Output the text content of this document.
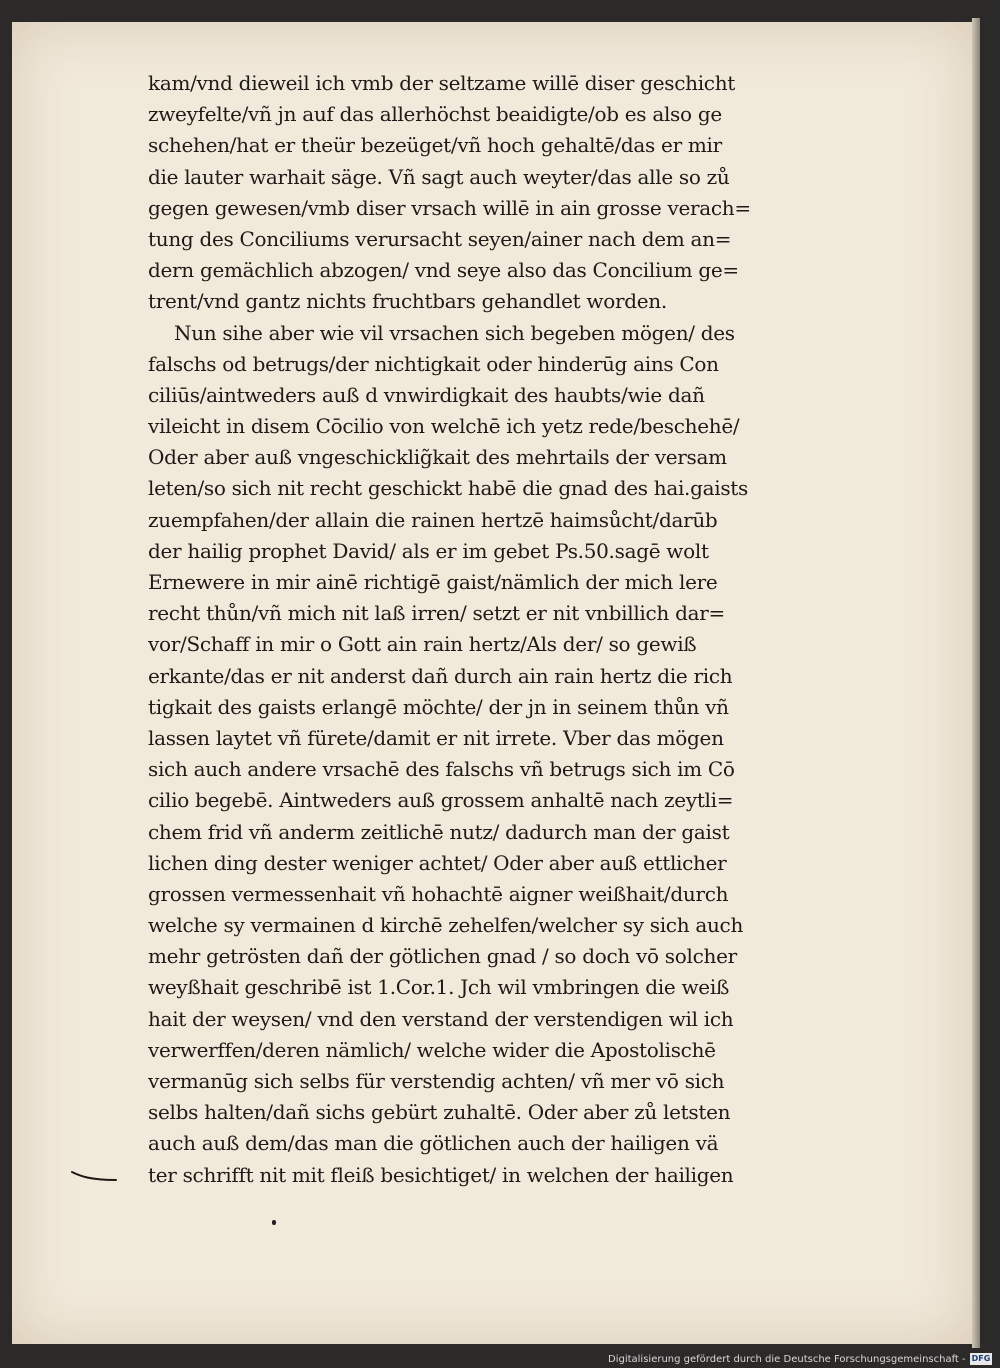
kam/vnd dieweil ich vmb der seltzame willē diser geschicht
zweyfelte/vñ jn auf das allerhöchst beaidigte/ob es also ge
schehen/hat er theür bezeüget/vñ hoch gehaltē/das er mir
die lauter warhait säge. Vñ sagt auch weyter/das alle so zů
gegen gewesen/vmb diser vrsach willē in ain grosse verach=
tung des Conciliums verursacht seyen/ainer nach dem an=
dern gemächlich abzogen/ vnd seye also das Concilium ge=
trent/vnd gantz nichts fruchtbars gehandlet worden.
Nun sihe aber wie vil vrsachen sich begeben mögen/ des
falschs od betrugs/der nichtigkait oder hinderūg ains Con
ciliūs/aintweders auß d vnwirdigkait des haubts/wie dañ
vileicht in disem Cōcilio von welchē ich yetz rede/beschehē/
Oder aber auß vngeschicklig̃kait des mehrtails der versam
leten/so sich nit recht geschickt habē die gnad des hai.gaists
zuempfahen/der allain die rainen hertzē haimsůcht/darūb
der hailig prophet David/ als er im gebet Ps.50.sagē wolt
Ernewere in mir ainē richtigē gaist/nämlich der mich lere
recht thůn/vñ mich nit laß irren/ setzt er nit vnbillich dar=
vor/Schaff in mir o Gott ain rain hertz/Als der/ so gewiß
erkante/das er nit anderst dañ durch ain rain hertz die rich
tigkait des gaists erlangē möchte/ der jn in seinem thůn vñ
lassen laytet vñ fürete/damit er nit irrete. Vber das mögen
sich auch andere vrsachē des falschs vñ betrugs sich im Cō
cilio begebē. Aintweders auß grossem anhaltē nach zeytli=
chem frid vñ anderm zeitlichē nutz/ dadurch man der gaist
lichen ding dester weniger achtet/ Oder aber auß ettlicher
grossen vermessenhait vñ hohachtē aigner weißhait/durch
welche sy vermainen d kirchē zehelfen/welcher sy sich auch
mehr getrösten dañ der götlichen gnad / so doch vō solcher
weyßhait geschribē ist 1.Cor.1. Jch wil vmbringen die weiß
hait der weysen/ vnd den verstand der verstendigen wil ich
verwerffen/deren nämlich/ welche wider die Apostolischē
vermanūg sich selbs für verstendig achten/ vñ mer vō sich
selbs halten/dañ sichs gebürt zuhaltē. Oder aber zů letsten
auch auß dem/das man die götlichen auch der hailigen vä
ter schrifft nit mit fleiß besichtiget/ in welchen der hailigen
Digitalisierung gefördert durch die Deutsche Forschungsgemeinschaft - DFG
